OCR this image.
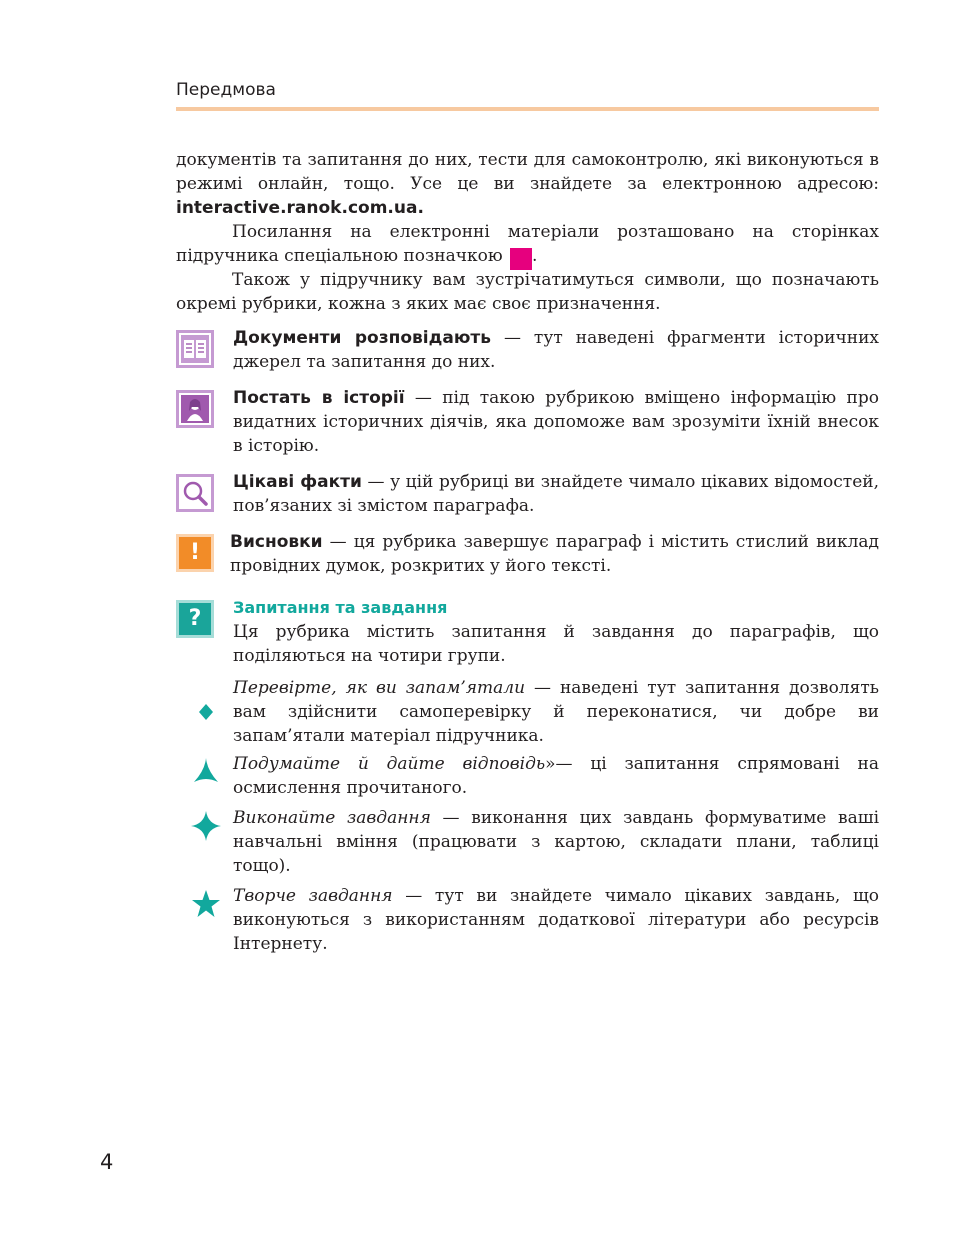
Передмова
документів та запитання до них, тести для самоконтролю, які виконуються в режимі онлайн, тощо. Усе це ви знайдете за електронною адресою: interactive.ranok.com.ua.
Посилання на електронні матеріали розташовано на сторінках підручника спеціальною позначкою	i.
Також у підручнику вам зустрічатимуться символи, що позначають окремі рубрики, кожна з яких має своє призначення.
Документи розповідають — тут наведені фрагменти історичних джерел та запитання до них.
Постать в історії — під такою рубрикою вміщено інформацію про видатних історичних діячів, яка допоможе вам зрозуміти їхній внесок в історію.
Цікаві факти — у цій рубриці ви знайдете чимало цікавих відомостей, пов’язаних зі змістом параграфа.
!	Висновки — ця рубрика завершує параграф і містить стислий виклад провідних думок, розкритих у його тексті.
?	Запитання та завдання
Ця рубрика містить запитання й завдання до параграфів, що поділяються на чотири групи.
Перевірте, як ви запам’ятали — наведені тут запитання дозволять вам здійснити самоперевірку й переконатися, чи добре ви запам’ятали матеріал підручника.
Подумайте й дайте відповідь»— ці запитання спрямовані на осмислення прочитаного.
Виконайте завдання — виконання цих завдань формуватиме ваші навчальні вміння (працювати з картою, складати плани, таблиці тощо).
Творче завдання — тут ви знайдете чимало цікавих завдань, що виконуються з використанням додаткової літератури або ресурсів Інтернету.
4
